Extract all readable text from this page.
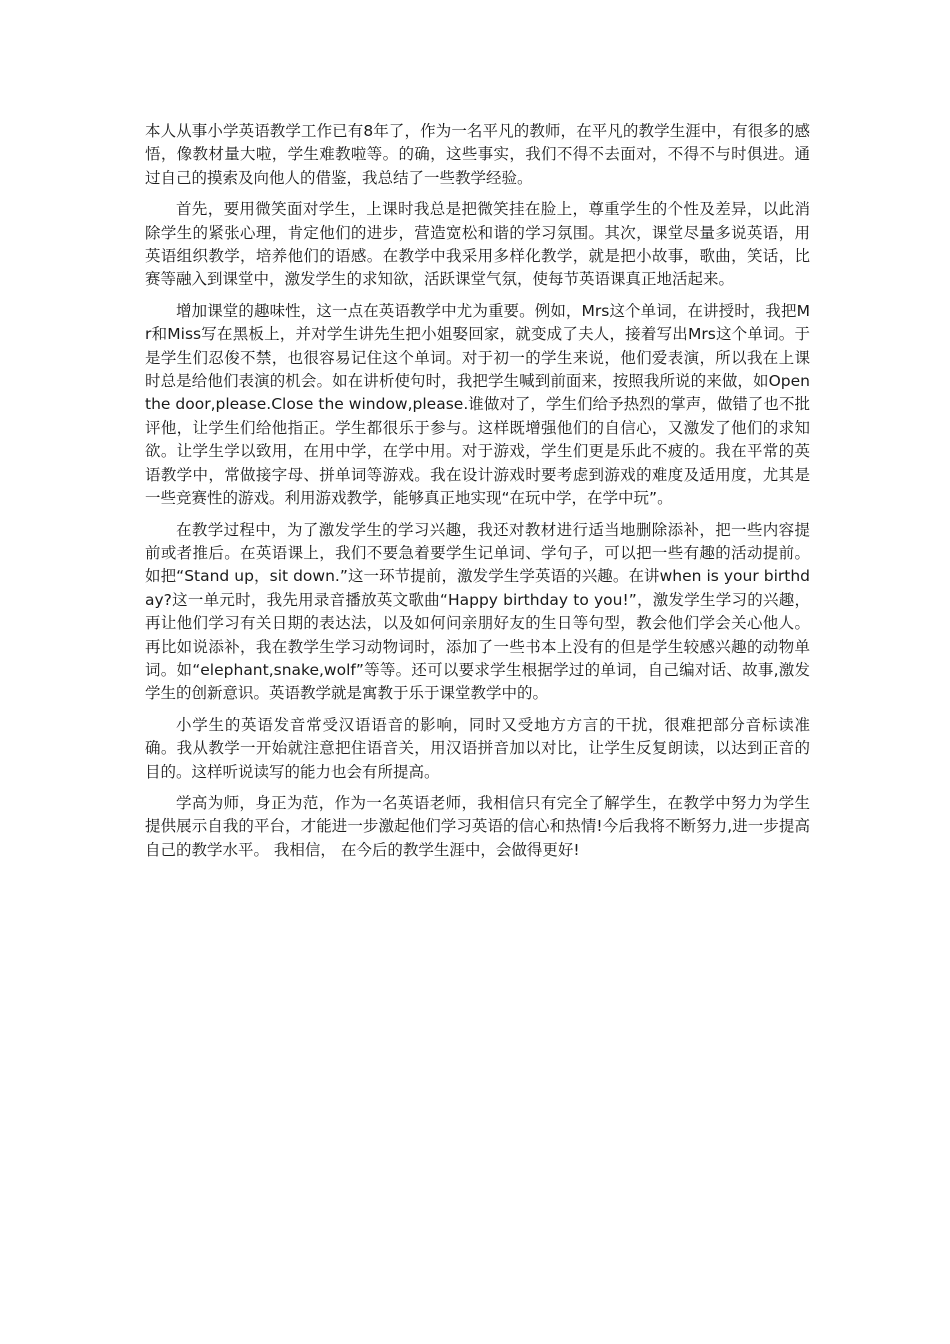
本人从事小学英语教学工作已有8年了，作为一名平凡的教师，在平凡的教学生涯中，有很多的感悟，像教材量大啦，学生难教啦等。的确，这些事实，我们不得不去面对，不得不与时俱进。通过自己的摸索及向他人的借鉴，我总结了一些教学经验。

首先，要用微笑面对学生，上课时我总是把微笑挂在脸上，尊重学生的个性及差异，以此消除学生的紧张心理，肯定他们的进步，营造宽松和谐的学习氛围。其次，课堂尽量多说英语，用英语组织教学，培养他们的语感。在教学中我采用多样化教学，就是把小故事，歌曲，笑话，比赛等融入到课堂中，激发学生的求知欲，活跃课堂气氛，使每节英语课真正地活起来。

增加课堂的趣味性，这一点在英语教学中尤为重要。例如，Mrs这个单词，在讲授时，我把Mr和Miss写在黑板上，并对学生讲先生把小姐娶回家，就变成了夫人，接着写出Mrs这个单词。于是学生们忍俊不禁，也很容易记住这个单词。对于初一的学生来说，他们爱表演，所以我在上课时总是给他们表演的机会。如在讲析使句时，我把学生喊到前面来，按照我所说的来做，如Open the door,please.Close the window,please.谁做对了，学生们给予热烈的掌声，做错了也不批评他，让学生们给他指正。学生都很乐于参与。这样既增强他们的自信心，又激发了他们的求知欲。让学生学以致用，在用中学，在学中用。对于游戏，学生们更是乐此不疲的。我在平常的英语教学中，常做接字母、拼单词等游戏。我在设计游戏时要考虑到游戏的难度及适用度，尤其是一些竞赛性的游戏。利用游戏教学，能够真正地实现“在玩中学，在学中玩”。

在教学过程中，为了激发学生的学习兴趣，我还对教材进行适当地删除添补，把一些内容提前或者推后。在英语课上，我们不要急着要学生记单词、学句子，可以把一些有趣的活动提前。如把“Stand up，sit down.”这一环节提前，激发学生学英语的兴趣。在讲when is your birthday?这一单元时，我先用录音播放英文歌曲“Happy birthday to you!”，激发学生学习的兴趣，再让他们学习有关日期的表达法，以及如何问亲朋好友的生日等句型，教会他们学会关心他人。再比如说添补，我在教学生学习动物词时，添加了一些书本上没有的但是学生较感兴趣的动物单词。如“elephant,snake,wolf”等等。还可以要求学生根据学过的单词，自己编对话、故事,激发学生的创新意识。英语教学就是寓教于乐于课堂教学中的。

小学生的英语发音常受汉语语音的影响，同时又受地方方言的干扰，很难把部分音标读准确。我从教学一开始就注意把住语音关，用汉语拼音加以对比，让学生反复朗读，以达到正音的目的。这样听说读写的能力也会有所提高。

学高为师，身正为范，作为一名英语老师，我相信只有完全了解学生，在教学中努力为学生提供展示自我的平台，才能进一步激起他们学习英语的信心和热情!今后我将不断努力,进一步提高自己的教学水平。 我相信， 在今后的教学生涯中，会做得更好!
